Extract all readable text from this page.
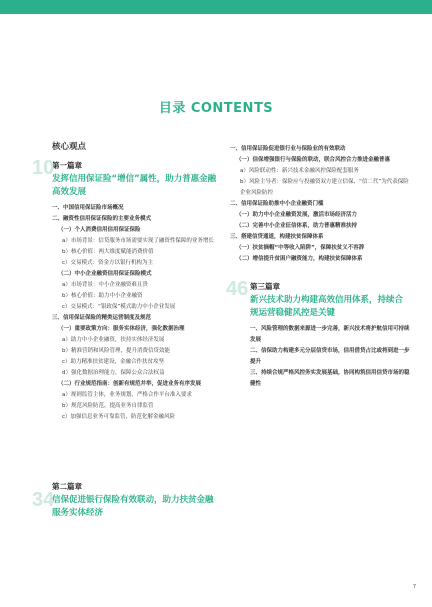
目录 CONTENTS
核心观点
10
第一篇章
发挥信用保证险“增信”属性，助力普惠金融高效发展
一、中国信用保证险市场概况
二、融资性信用保证保险的主要业务模式
（一）个人消费信用信用保证保险
a）市场背景：信贷服务市场需要实现了融资性保障的业务增长
b）核心价值：两大维度赋能消费价值
c）交易模式：资金方以银行机构为主
（二）中小企业融资信用保证保险模式
a）市场背景：中小企业融资难且贵
b）核心价值：助力中小企业融资
c）交易模式：“银政保”模式助力中小企业发展
三、信用保证保险的精类运营制度及规范
（一）重要政策方向：服务实体经济，强化数据治理
a）助力中小企业融资，扶持实体经济发展
b）精准营销和风险管理，提升消费信贷效能
c）助力精准扶贫建设，金融合作扶贫攻坚
d）强化数据治理能力，保障公众合法权益
（二）行业规范指南：创新有规范并举，促进业务有序发展
a）规则监管主体，业务规划、严格合作平台准入要求
b）规范风险防范，提高业务自律监管
c）加强信息业务可靠监管，防范化解金融风险
34
第二篇章
信保促进银行保险有效联动，助力扶贫金融服务实体经济
一、信用保证险促进银行业与保险业的有效联动
（一）信保增强银行与保险的联动，联合风控合力推进金融普惠
a）风险联动性：新兴技术金融风控保险配套服务
b）风险主导者：保险应与投融资双方建立信保、“信二代”为代表保险企业风险防控
二、信用保证险助推中小企业融资门槛
（一）助力中小企业融资发展，激活市场经济活力
（二）完善中小企业征信体系，助力普惠精准扶持
三、搭建信贷通道，构建扶贫保障体系
（一）扶贫摘帽“中等收入陷阱”，保障扶贫义不容辞
（二）增信提升贫困户融资能力，构建扶贫保障体系
46 第三篇章
新兴技术助力构建高效信用体系，持续合规运营稳健风控是关键
一、风险管理的数据来源进一步完善，新兴技术将护航信用可持续发展
二、信保助力构建多元分层信贷市场，信用借贷占比或将到进一步提升
三、持续合规严格风控务实发展基础，协同构筑信用信贷市场的稳健性
7
